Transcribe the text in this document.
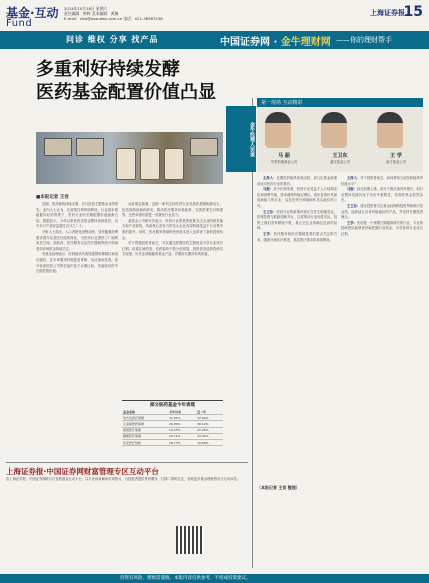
基金·互动
Fund
2014年10月18日 星期六
责任编辑：钟辉 美术编辑：黄佩
E-mail：zhw@essnews.com.cn 电话：021-38967538
上海证券报
15
问诊 维权 分享 找产品	中国证券网 · 金牛理财网 ——你的理财帮手
多重利好持续发酵
医药基金配置价值凸显
■本报记者 王官

近期，医药板块持续走强，多只医药主题基金业绩领先。业内人士认为，在政策红利持续释放、行业基本面稳健向好的背景下，医药行业的长期配置价值逐渐凸显。数据显示，今年以来医药类基金整体表现较好，其中多只产品收益超过百分之二十。

分析人士指出，人口老龄化进程加快、居民健康消费需求提升以及医疗改革深化，为医药行业提供了广阔的成长空间。创新药、医疗服务以及医疗器械等细分领域受到市场资金持续关注。

有基金经理表示，医药板块具备较强的防御属性和成长属性，在市场震荡时期更受青睐。从估值角度看，部分优质医药公司的估值仍处于合理区间，具备较好的中长期投资价值。

从政策层面看，近期一系列支持医药行业发展的措施相继出台，包括鼓励创新药研发、推动医疗服务价格改革、完善医保支付制度等，这些举措有望进一步激发行业活力。

某基金公司研究员表示，医药行业的投资需要关注企业的研发能力和产品管线，具备核心竞争力的龙头企业有望持续受益于行业集中度的提升。同时，医疗服务领域的民营资本进入也带来了新的投资机会。

对于普通投资者而言，可以通过配置医药主题基金分享行业成长红利。但需注意的是，医药板块个股分化明显，投资者应选择投研实力较强、历史业绩稳健的基金产品，并做好长期持有的准备。

部分医药基金今年表现
基金名称	今年以来	近一年
易方达医疗保健	31.81%	37.64%
汇添富医药保健	26.80%	30.12%
富国医疗保健	24.35%	27.20%
融通医疗保健	22.71%	23.45%
华安医疗创新	18.77%	19.60%
第一现场 互动精彩
金牛经理人访谈	马 振
华泰柏瑞基金公司
王卫东
嘉实基金公司
王 学
南方基金公司

主持人：近期医药板块表现活跃，请几位基金经理谈谈对医药行业的看法。

马振：从中长期来看，医药行业受益于人口结构变化和消费升级，需求端保持稳定增长。我们更看好具备创新能力的企业，以及在细分领域拥有龙头地位的公司。

王卫东：医药行业的政策环境正在发生积极变化，医保控费与鼓励创新并行，这将推动行业优胜劣汰。投资上我们坚持精选个股，重点关注业绩确定性高的品种。

王学：医疗服务和医疗器械是我们重点关注的方向，随着分级诊疗推进，基层医疗需求将持续释放。

主持人：对于投资者而言，如何看待当前医药板块的估值水平？

马振：经过前期上涨，部分个股估值有所提升，但行业整体估值仍处于历史中枢附近，结构性机会依然存在。

王卫东：建议投资者关注基金经理的投资风格和历史业绩，选择适合自身风险偏好的产品，并坚持长期投资理念。

王学：医药是一个需要长期跟踪研究的行业，专业的投研团队能够更好地把握行业机会，分享医药行业成长红利。

（本报记者 王官 整理）
上海证券报·中国证券网财富管理专区互动平台
由上海证券报、中国证券网联合打造的基金互动平台，以专业视角解读市场热点，为投资者提供资讯服务。扫描二维码关注，获取更多基金理财资讯与互动问答。
投资有风险，理财需谨慎。本版内容仅供参考，不构成投资建议。
